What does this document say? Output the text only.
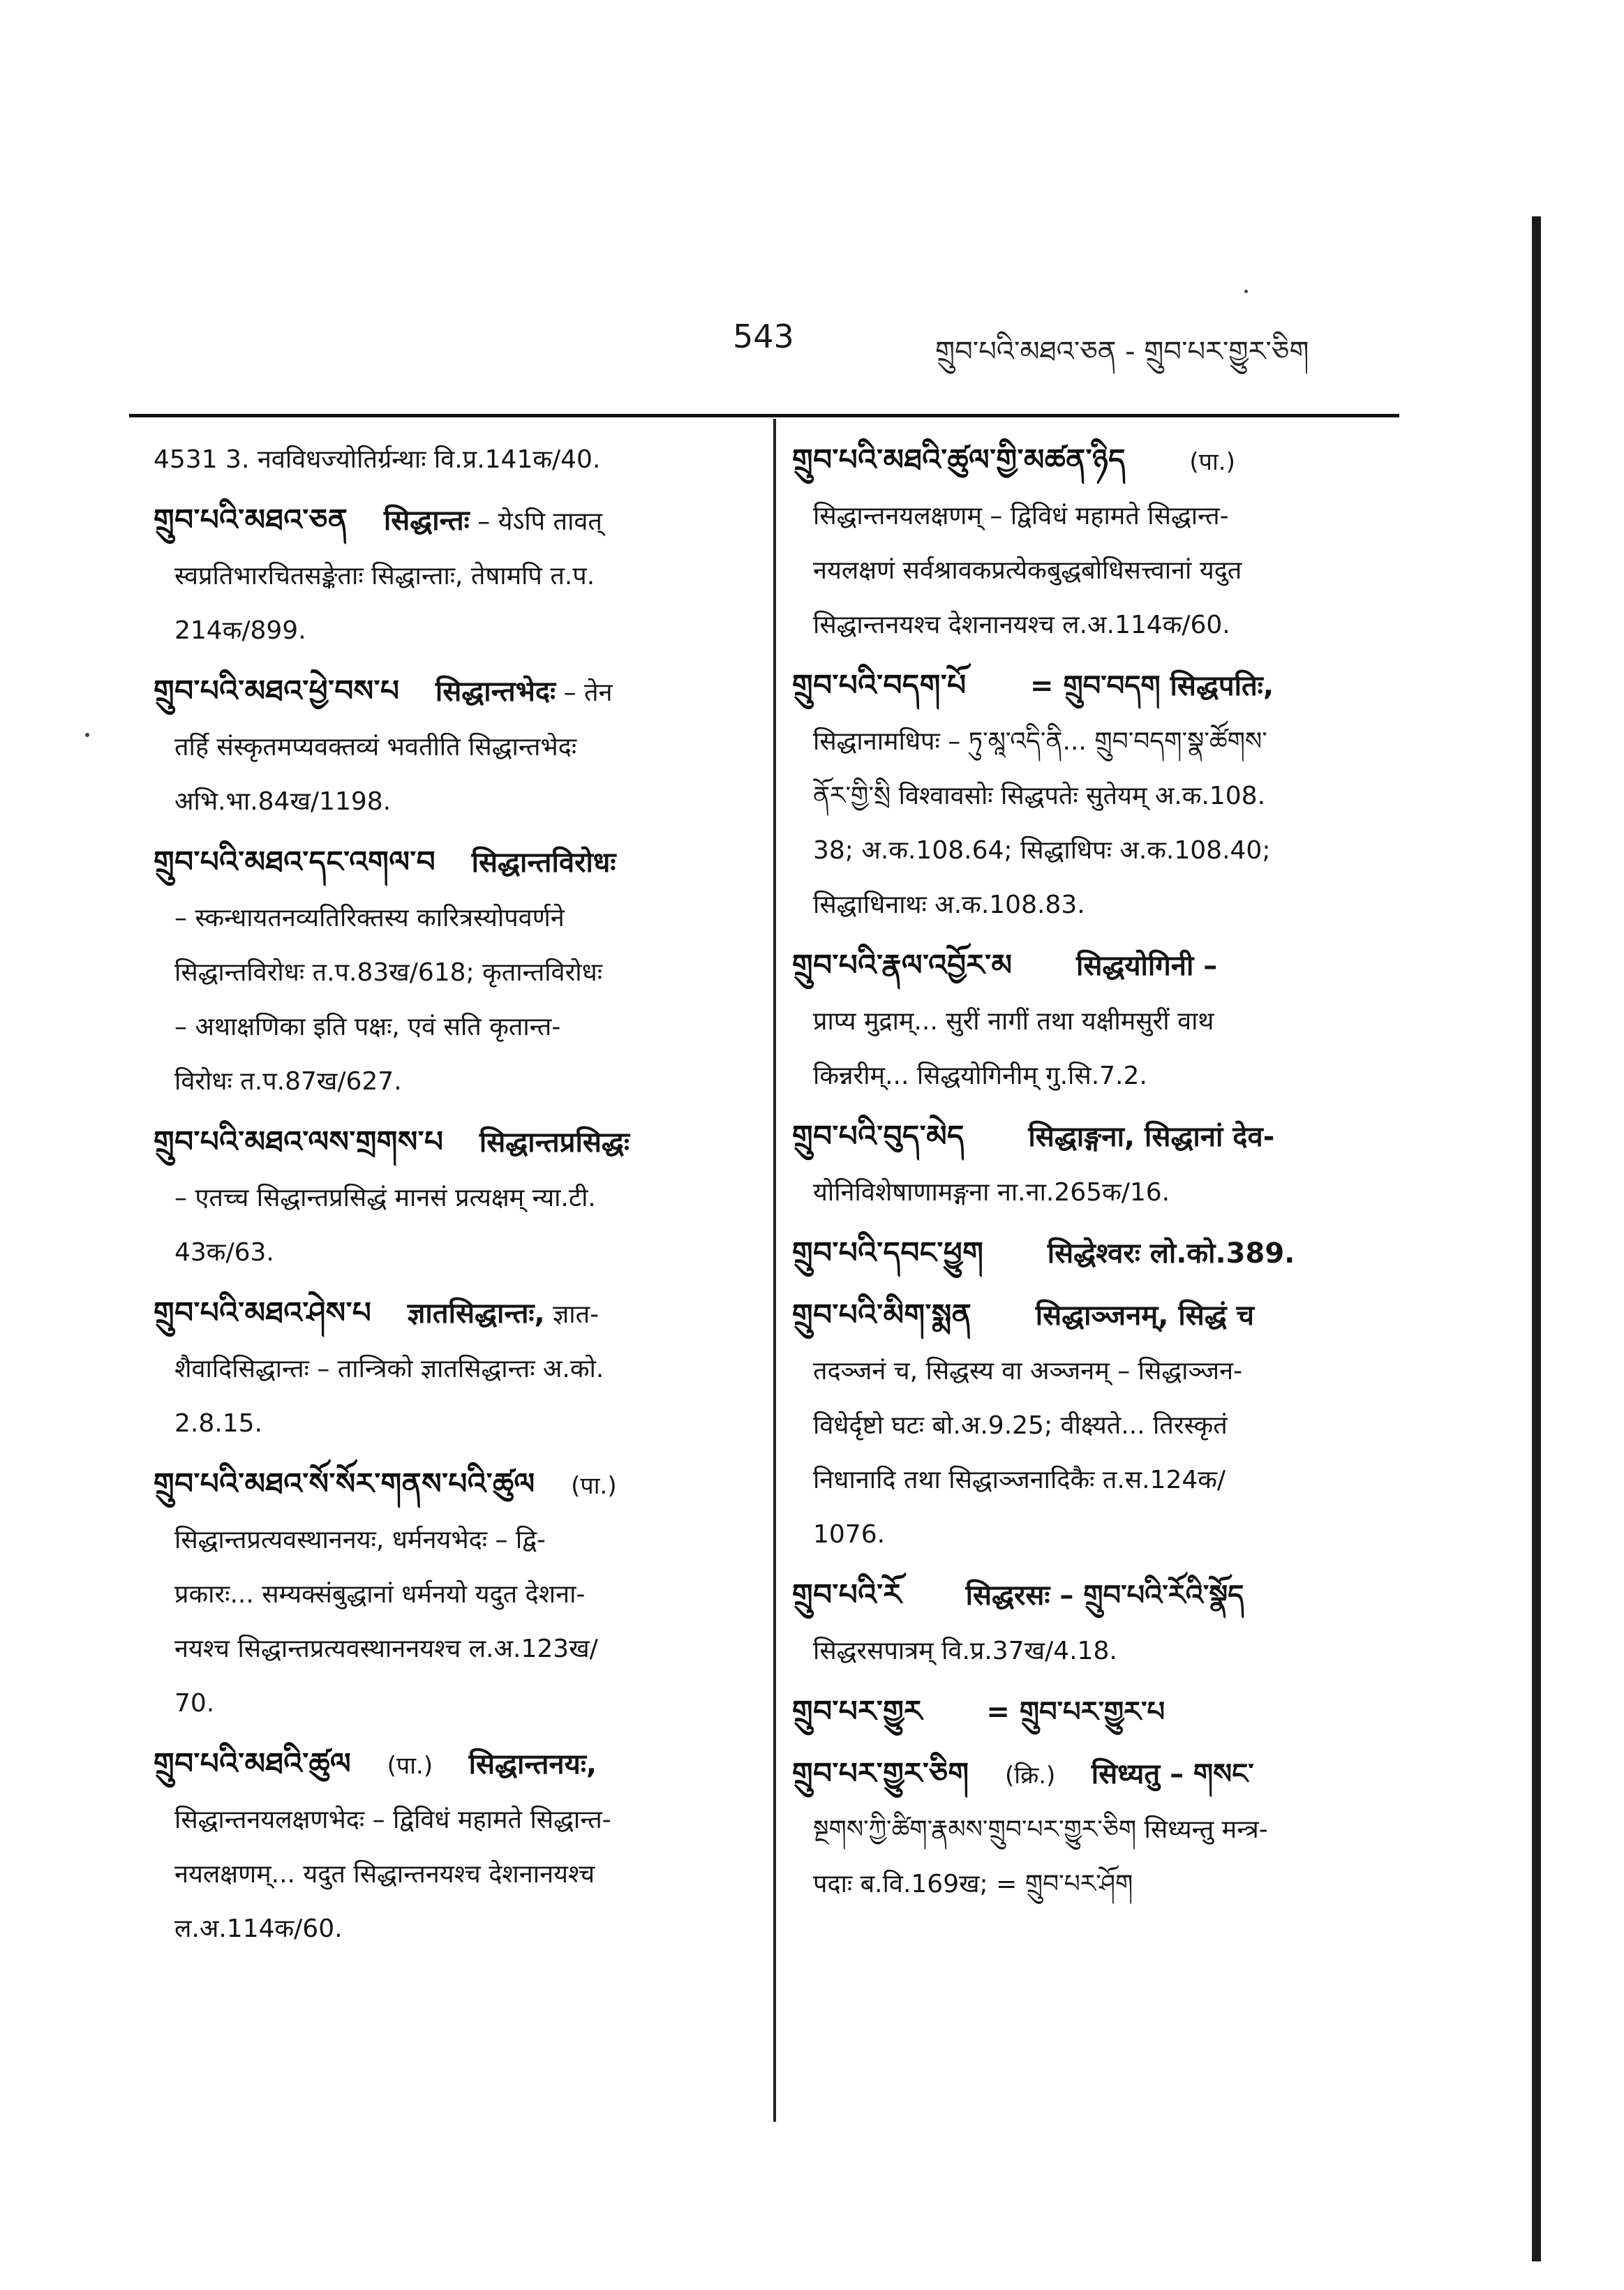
543	གྲུབ་པའི་མཐའ་ཅན - གྲུབ་པར་གྱུར་ཅིག
4531 3. नवविधज्योतिर्ग्रन्थाः वि.प्र.141क/40.
གྲུབ་པའི་མཐའ་ཅན सिद्धान्तः – येऽपि तावत्
स्वप्रतिभारचितसङ्केताः सिद्धान्ताः, तेषामपि त.प.
214क/899.
གྲུབ་པའི་མཐའ་ཕྱེ་བས་པ सिद्धान्तभेदः – तेन
तर्हि संस्कृतमप्यवक्तव्यं भवतीति सिद्धान्तभेदः
अभि.भा.84ख/1198.
གྲུབ་པའི་མཐའ་དང་འགལ་བ सिद्धान्तविरोधः
– स्कन्धायतनव्यतिरिक्तस्य कारित्रस्योपवर्णने
सिद्धान्तविरोधः त.प.83ख/618; कृतान्तविरोधः
– अथाक्षणिका इति पक्षः, एवं सति कृतान्त-
विरोधः त.प.87ख/627.
གྲུབ་པའི་མཐའ་ལས་གྲགས་པ सिद्धान्तप्रसिद्धः
– एतच्च सिद्धान्तप्रसिद्धं मानसं प्रत्यक्षम् न्या.टी.
43क/63.
གྲུབ་པའི་མཐའ་ཤེས་པ ज्ञातसिद्धान्तः, ज्ञात-
शैवादिसिद्धान्तः – तान्त्रिको ज्ञातसिद्धान्तः अ.को.
2.8.15.
གྲུབ་པའི་མཐའ་སོ་སོར་གནས་པའི་ཚུལ (पा.)
सिद्धान्तप्रत्यवस्थाननयः, धर्मनयभेदः – द्वि-
प्रकारः... सम्यक्संबुद्धानां धर्मनयो यदुत देशना-
नयश्च सिद्धान्तप्रत्यवस्थाननयश्च ल.अ.123ख/
70.
གྲུབ་པའི་མཐའི་ཚུལ (पा.) सिद्धान्तनयः,
सिद्धान्तनयलक्षणभेदः – द्विविधं महामते सिद्धान्त-
नयलक्षणम्... यदुत सिद्धान्तनयश्च देशनानयश्च
ल.अ.114क/60.
གྲུབ་པའི་མཐའི་ཚུལ་གྱི་མཚན་ཉིད	(पा.)
सिद्धान्तनयलक्षणम् – द्विविधं महामते सिद्धान्त-
नयलक्षणं सर्वश्रावकप्रत्येकबुद्धबोधिसत्त्वानां यदुत
सिद्धान्तनयश्च देशनानयश्च ल.अ.114क/60.
གྲུབ་པའི་བདག་པོ = གྲུབ་བདག सिद्धपतिः,
सिद्धानामधिपः – ཏུ་མཱ་འདི་ནི... གྲུབ་བདག་སྣ་ཚོགས་
ནོར་གྱི་སྲི विश्वावसोः सिद्धपतेः सुतेयम् अ.क.108.
38; अ.क.108.64; सिद्धाधिपः अ.क.108.40;
सिद्धाधिनाथः अ.क.108.83.
གྲུབ་པའི་རྣལ་འབྱོར་མ सिद्धयोगिनी –
प्राप्य मुद्राम्... सुरीं नागीं तथा यक्षीमसुरीं वाथ
किन्नरीम्... सिद्धयोगिनीम् गु.सि.7.2.
གྲུབ་པའི་བུད་མེད सिद्धाङ्गना, सिद्धानां देव-
योनिविशेषाणामङ्गना ना.ना.265क/16.
གྲུབ་པའི་དབང་ཕྱུག सिद्धेश्वरः लो.को.389.
གྲུབ་པའི་མིག་སྨན सिद्धाञ्जनम्, सिद्धं च
तदञ्जनं च, सिद्धस्य वा अञ्जनम् – सिद्धाञ्जन-
विधेर्दृष्टो घटः बो.अ.9.25; वीक्ष्यते... तिरस्कृतं
निधानादि तथा सिद्धाञ्जनादिकैः त.स.124क/
1076.
གྲུབ་པའི་རོ सिद्धरसः – གྲུབ་པའི་རོའི་སྣོད
सिद्धरसपात्रम् वि.प्र.37ख/4.18.
གྲུབ་པར་གྱུར = གྲུབ་པར་གྱུར་པ
གྲུབ་པར་གྱུར་ཅིག (क्रि.) सिध्यतु – གསང་
སྔགས་ཀྱི་ཚིག་རྣམས་གྲུབ་པར་གྱུར་ཅིག सिध्यन्तु मन्त्र-
पदाः ब.वि.169ख; = གྲུབ་པར་ཤོག
